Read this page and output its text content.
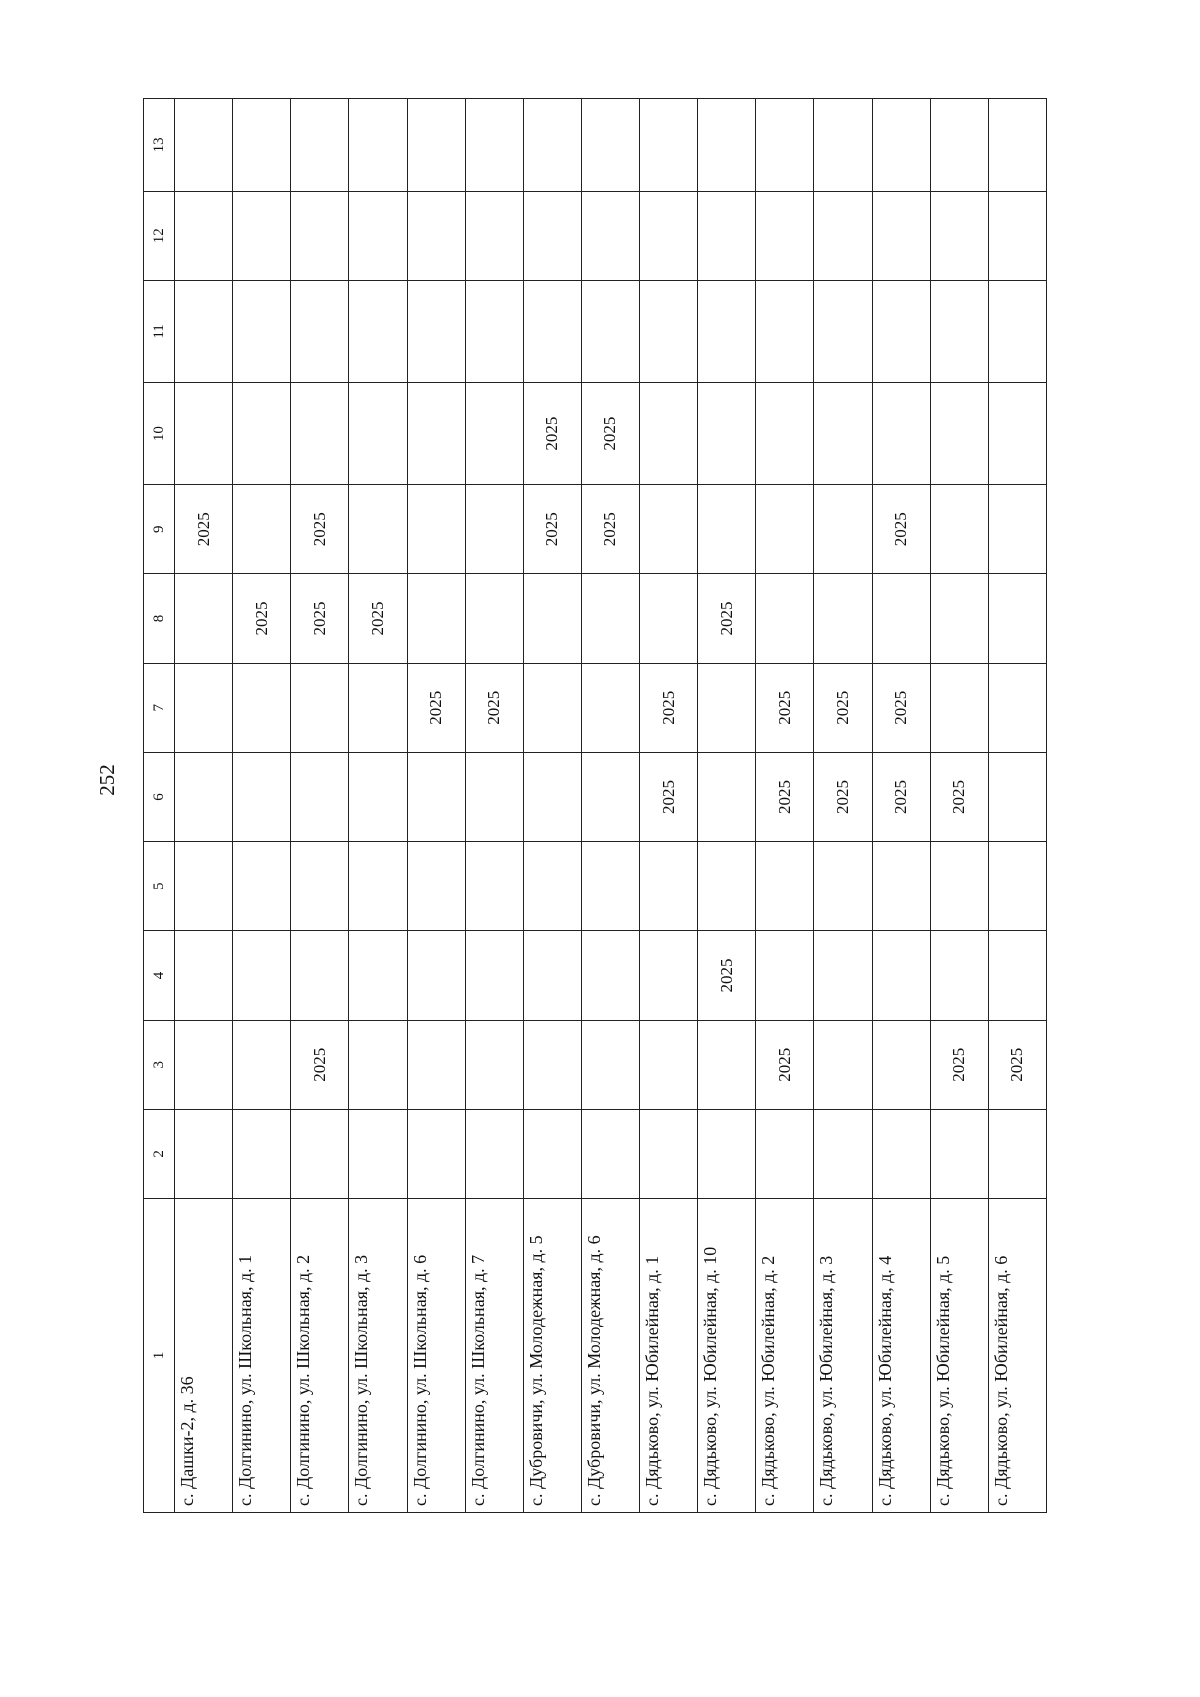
252
1	2	3	4	5	6	7	8	9	10	11	12	13
с. Дашки-2, д. 36								2025				
с. Долгинино, ул. Школьная, д. 1							2025					
с. Долгинино, ул. Школьная, д. 2		2025					2025	2025				
с. Долгинино, ул. Школьная, д. 3							2025					
с. Долгинино, ул. Школьная, д. 6						2025						
с. Долгинино, ул. Школьная, д. 7						2025						
с. Дубровичи, ул. Молодежная, д. 5								2025	2025			
с. Дубровичи, ул. Молодежная, д. 6								2025	2025			
с. Дядьково, ул. Юбилейная, д. 1					2025	2025						
с. Дядьково, ул. Юбилейная, д. 10			2025				2025					
с. Дядьково, ул. Юбилейная, д. 2		2025			2025	2025						
с. Дядьково, ул. Юбилейная, д. 3					2025	2025						
с. Дядьково, ул. Юбилейная, д. 4					2025	2025		2025				
с. Дядьково, ул. Юбилейная, д. 5		2025			2025							
с. Дядьково, ул. Юбилейная, д. 6		2025										
